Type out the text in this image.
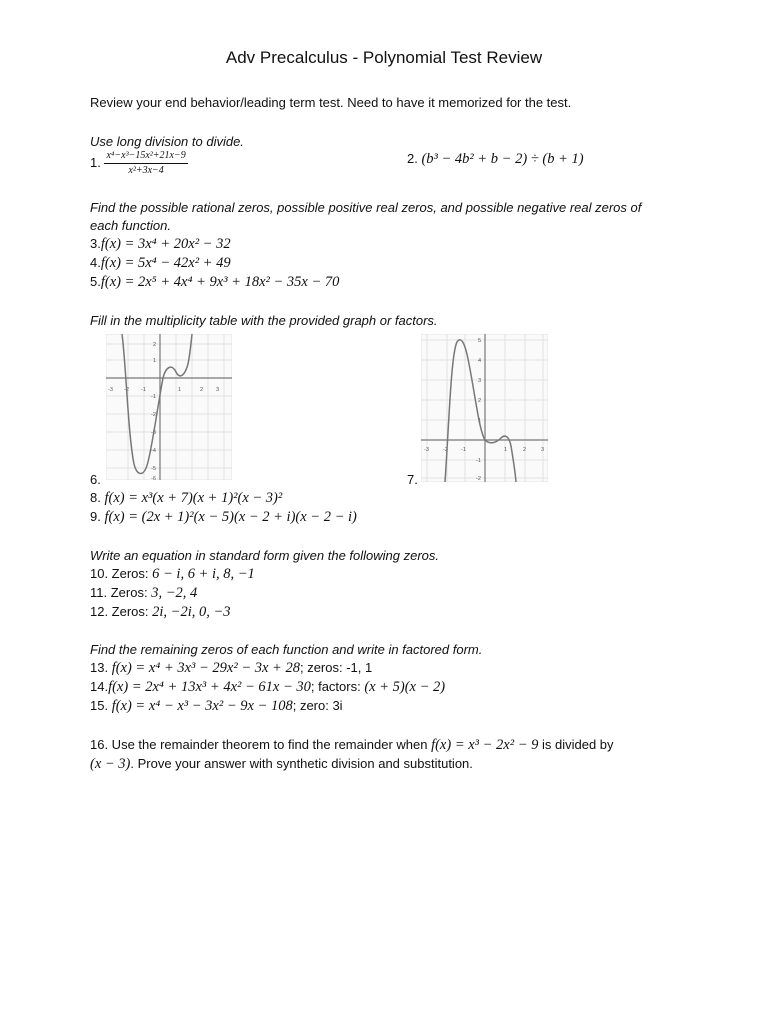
Adv Precalculus - Polynomial Test Review
Review your end behavior/leading term test. Need to have it memorized for the test.
Use long division to divide.
1. $\frac{\text{x⁴−x³−15x²+21x−9}}{\text{x²+3x−4}}$	2. (b³ − 4b² + b − 2) ÷ (b + 1)
Find the possible rational zeros, possible positive real zeros, and possible negative real zeros of
each function.
3.f(x) = 3x⁴ + 20x² − 32
4.f(x) = 5x⁴ − 42x² + 49
5.f(x) = 2x⁵ + 4x⁴ + 9x³ + 18x² − 35x − 70
Fill in the multiplicity table with the provided graph or factors.
-3 -2 -1	1	2 3
2
1
-1
-2
-3
-4
-5
-6
6.
-3	-2 -1	1	2	3
5
4
3
2
1
-1
-2
7.
8. f(x) = x³(x + 7)(x + 1)²(x − 3)²
9. f(x) = (2x + 1)²(x − 5)(x − 2 + i)(x − 2 − i)
Write an equation in standard form given the following zeros.
10. Zeros: 6 − i, 6 + i, 8, −1
11. Zeros: 3, −2, 4
12. Zeros: 2i, −2i, 0, −3
Find the remaining zeros of each function and write in factored form.
13. f(x) = x⁴ + 3x³ − 29x² − 3x + 28; zeros: -1, 1
14.f(x) = 2x⁴ + 13x³ + 4x² − 61x − 30; factors: (x + 5)(x − 2)
15. f(x) = x⁴ − x³ − 3x² − 9x − 108; zero: 3i
16. Use the remainder theorem to find the remainder when f(x) = x³ − 2x² − 9 is divided by
(x − 3). Prove your answer with synthetic division and substitution.
